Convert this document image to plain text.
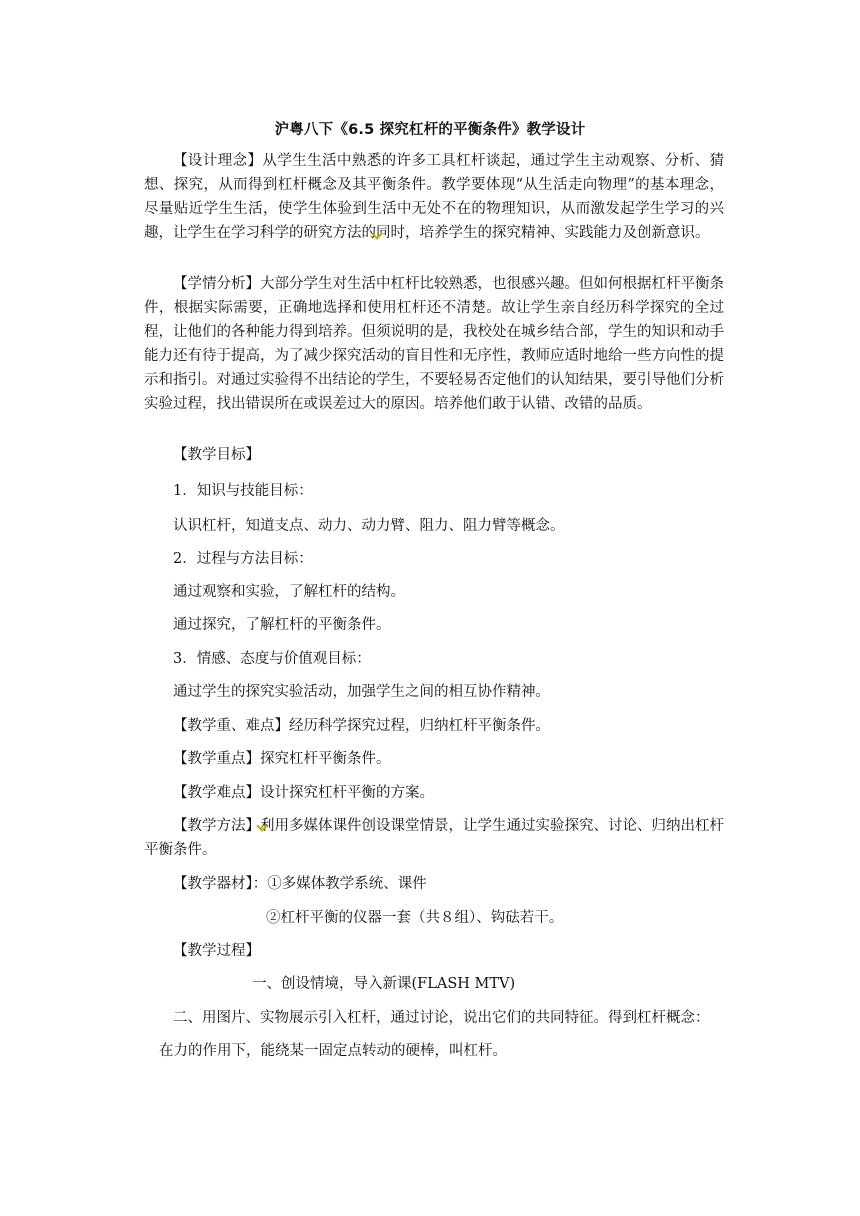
沪粤八下《6.5 探究杠杆的平衡条件》教学设计
【设计理念】从学生生活中熟悉的许多工具杠杆谈起，通过学生主动观察、分析、猜想、探究，从而得到杠杆概念及其平衡条件。教学要体现“从生活走向物理”的基本理念，尽量贴近学生生活，使学生体验到生活中无处不在的物理知识，从而激发起学生学习的兴趣，让学生在学习科学的研究方法的同时，培养学生的探究精神、实践能力及创新意识。
【学情分析】大部分学生对生活中杠杆比较熟悉，也很感兴趣。但如何根据杠杆平衡条件，根据实际需要，正确地选择和使用杠杆还不清楚。故让学生亲自经历科学探究的全过程，让他们的各种能力得到培养。但须说明的是，我校处在城乡结合部，学生的知识和动手能力还有待于提高，为了减少探究活动的盲目性和无序性，教师应适时地给一些方向性的提示和指引。对通过实验得不出结论的学生，不要轻易否定他们的认知结果，要引导他们分析实验过程，找出错误所在或误差过大的原因。培养他们敢于认错、改错的品质。
【教学目标】
1．知识与技能目标：
认识杠杆，知道支点、动力、动力臂、阻力、阻力臂等概念。
2．过程与方法目标：
通过观察和实验，了解杠杆的结构。
通过探究，了解杠杆的平衡条件。
3．情感、态度与价值观目标：
通过学生的探究实验活动，加强学生之间的相互协作精神。
【教学重、难点】经历科学探究过程，归纳杠杆平衡条件。
【教学重点】探究杠杆平衡条件。
【教学难点】设计探究杠杆平衡的方案。
【教学方法】利用多媒体课件创设课堂情景，让学生通过实验探究、讨论、归纳出杠杆平衡条件。
【教学器材】：①多媒体教学系统、课件
②杠杆平衡的仪器一套（共８组）、钩砝若干。
【教学过程】
一、创设情境，导入新课(FLASH MTV)
二、用图片、实物展示引入杠杆，通过讨论，说出它们的共同特征。得到杠杆概念：
在力的作用下，能绕某一固定点转动的硬棒，叫杠杆。
